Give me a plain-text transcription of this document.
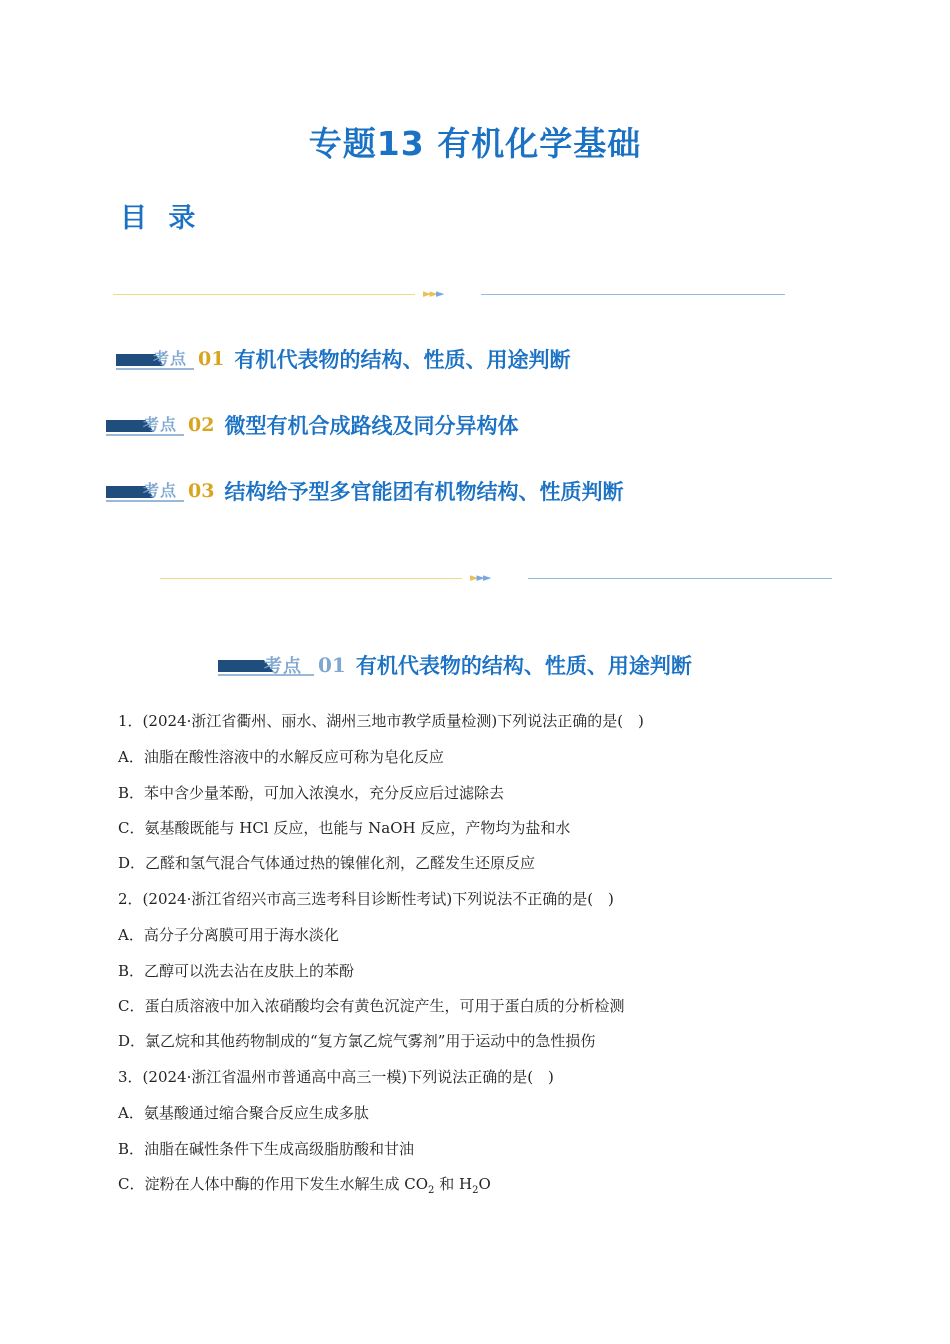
专题13 有机化学基础
目 录
►►►
考点 01 有机代表物的结构、性质、用途判断
考点 02 微型有机合成路线及同分异构体
考点 03 结构给予型多官能团有机物结构、性质判断
►►►
考点 01 有机代表物的结构、性质、用途判断
1．(2024·浙江省衢州、丽水、湖州三地市教学质量检测)下列说法正确的是(　)
A．油脂在酸性溶液中的水解反应可称为皂化反应
B．苯中含少量苯酚，可加入浓溴水，充分反应后过滤除去
C．氨基酸既能与 HCl 反应，也能与 NaOH 反应，产物均为盐和水
D．乙醛和氢气混合气体通过热的镍催化剂，乙醛发生还原反应
2．(2024·浙江省绍兴市高三选考科目诊断性考试)下列说法不正确的是(　)
A．高分子分离膜可用于海水淡化
B．乙醇可以洗去沾在皮肤上的苯酚
C．蛋白质溶液中加入浓硝酸均会有黄色沉淀产生，可用于蛋白质的分析检测
D．氯乙烷和其他药物制成的“复方氯乙烷气雾剂”用于运动中的急性损伤
3．(2024·浙江省温州市普通高中高三一模)下列说法正确的是(　)
A．氨基酸通过缩合聚合反应生成多肽
B．油脂在碱性条件下生成高级脂肪酸和甘油
C．淀粉在人体中酶的作用下发生水解生成 $CO_2$ 和 $H_2O$
